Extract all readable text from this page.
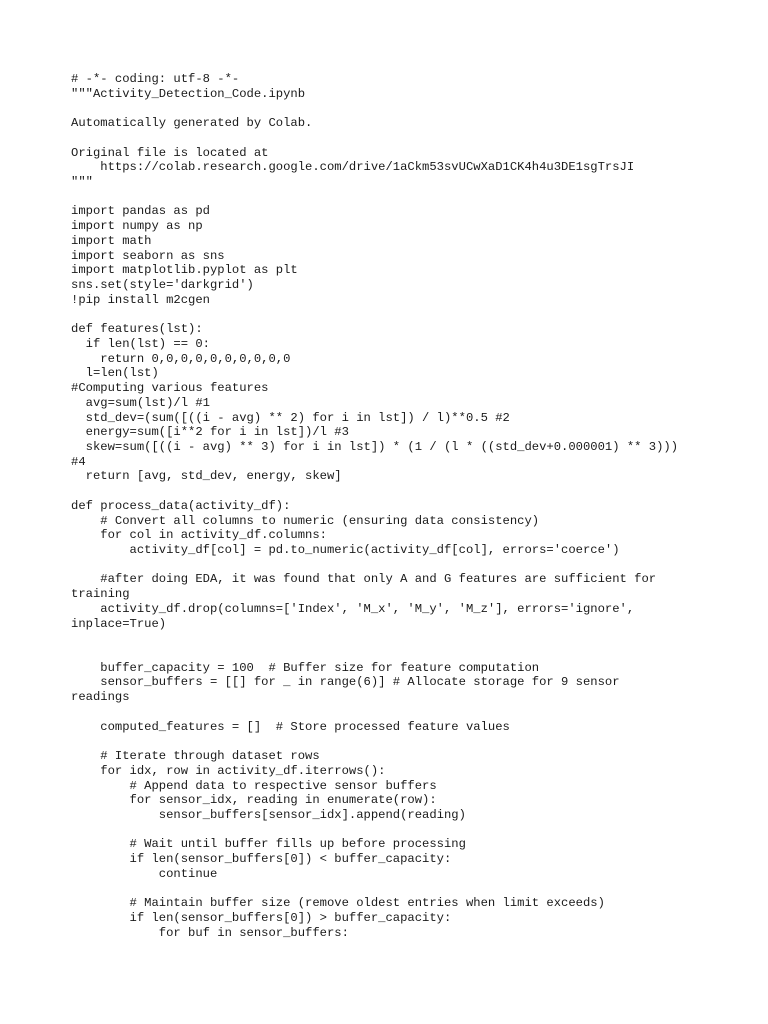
# -*- coding: utf-8 -*-
"""Activity_Detection_Code.ipynb
Automatically generated by Colab.
Original file is located at
https://colab.research.google.com/drive/1aCkm53svUCwXaD1CK4h4u3DE1sgTrsJI
"""
import pandas as pd
import numpy as np
import math
import seaborn as sns
import matplotlib.pyplot as plt
sns.set(style='darkgrid')
!pip install m2cgen
def features(lst):
if len(lst) == 0:
return 0,0,0,0,0,0,0,0,0,0
l=len(lst)
#Computing various features
avg=sum(lst)/l #1
std_dev=(sum([((i - avg) ** 2) for i in lst]) / l)**0.5 #2
energy=sum([i**2 for i in lst])/l #3
skew=sum([((i - avg) ** 3) for i in lst]) * (1 / (l * ((std_dev+0.000001) ** 3)))
#4
return [avg, std_dev, energy, skew]
def process_data(activity_df):
# Convert all columns to numeric (ensuring data consistency)
for col in activity_df.columns:
activity_df[col] = pd.to_numeric(activity_df[col], errors='coerce')
#after doing EDA, it was found that only A and G features are sufficient for
training
activity_df.drop(columns=['Index', 'M_x', 'M_y', 'M_z'], errors='ignore',
inplace=True)
buffer_capacity = 100  # Buffer size for feature computation
sensor_buffers = [[] for _ in range(6)] # Allocate storage for 9 sensor
readings
computed_features = []  # Store processed feature values
# Iterate through dataset rows
for idx, row in activity_df.iterrows():
# Append data to respective sensor buffers
for sensor_idx, reading in enumerate(row):
sensor_buffers[sensor_idx].append(reading)
# Wait until buffer fills up before processing
if len(sensor_buffers[0]) < buffer_capacity:
continue
# Maintain buffer size (remove oldest entries when limit exceeds)
if len(sensor_buffers[0]) > buffer_capacity:
for buf in sensor_buffers:
